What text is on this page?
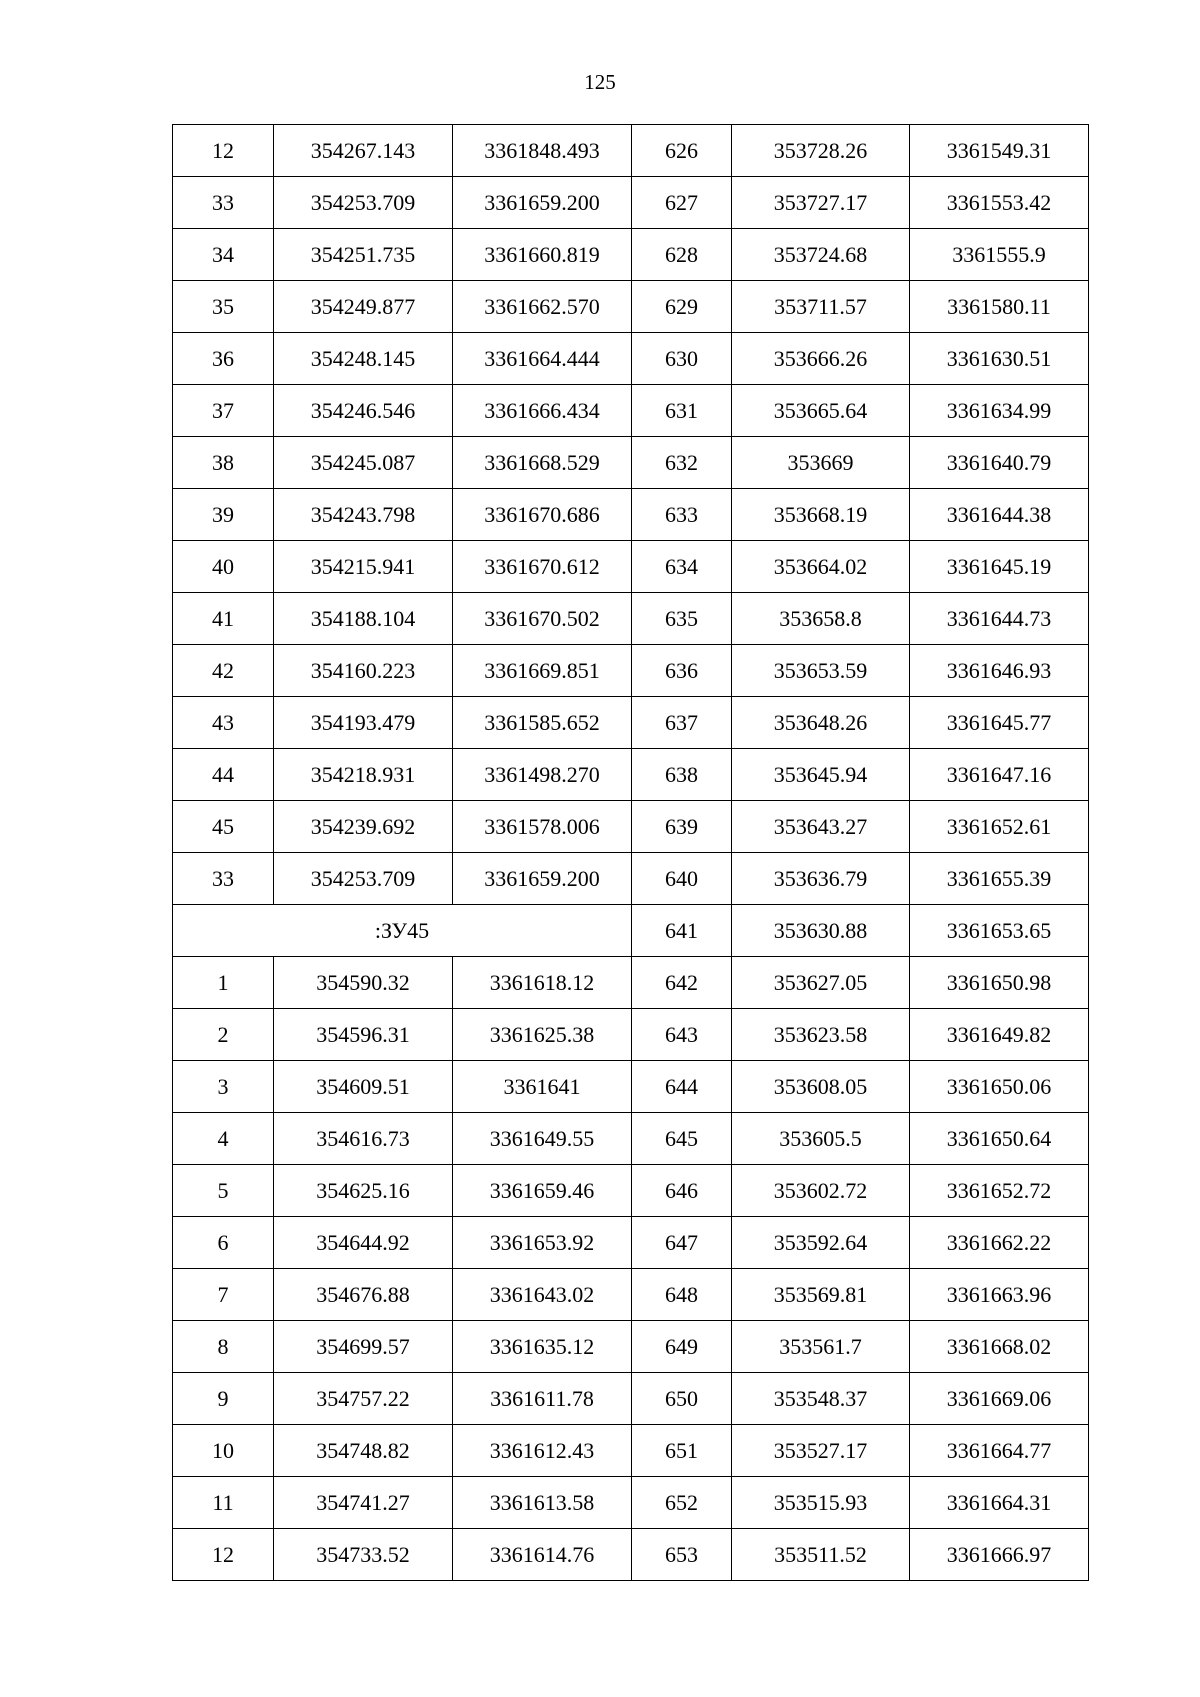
125
12	354267.143	3361848.493	626	353728.26	3361549.31
33	354253.709	3361659.200	627	353727.17	3361553.42
34	354251.735	3361660.819	628	353724.68	3361555.9
35	354249.877	3361662.570	629	353711.57	3361580.11
36	354248.145	3361664.444	630	353666.26	3361630.51
37	354246.546	3361666.434	631	353665.64	3361634.99
38	354245.087	3361668.529	632	353669	3361640.79
39	354243.798	3361670.686	633	353668.19	3361644.38
40	354215.941	3361670.612	634	353664.02	3361645.19
41	354188.104	3361670.502	635	353658.8	3361644.73
42	354160.223	3361669.851	636	353653.59	3361646.93
43	354193.479	3361585.652	637	353648.26	3361645.77
44	354218.931	3361498.270	638	353645.94	3361647.16
45	354239.692	3361578.006	639	353643.27	3361652.61
33	354253.709	3361659.200	640	353636.79	3361655.39
:ЗУ45			641	353630.88	3361653.65
1	354590.32	3361618.12	642	353627.05	3361650.98
2	354596.31	3361625.38	643	353623.58	3361649.82
3	354609.51	3361641	644	353608.05	3361650.06
4	354616.73	3361649.55	645	353605.5	3361650.64
5	354625.16	3361659.46	646	353602.72	3361652.72
6	354644.92	3361653.92	647	353592.64	3361662.22
7	354676.88	3361643.02	648	353569.81	3361663.96
8	354699.57	3361635.12	649	353561.7	3361668.02
9	354757.22	3361611.78	650	353548.37	3361669.06
10	354748.82	3361612.43	651	353527.17	3361664.77
11	354741.27	3361613.58	652	353515.93	3361664.31
12	354733.52	3361614.76	653	353511.52	3361666.97
